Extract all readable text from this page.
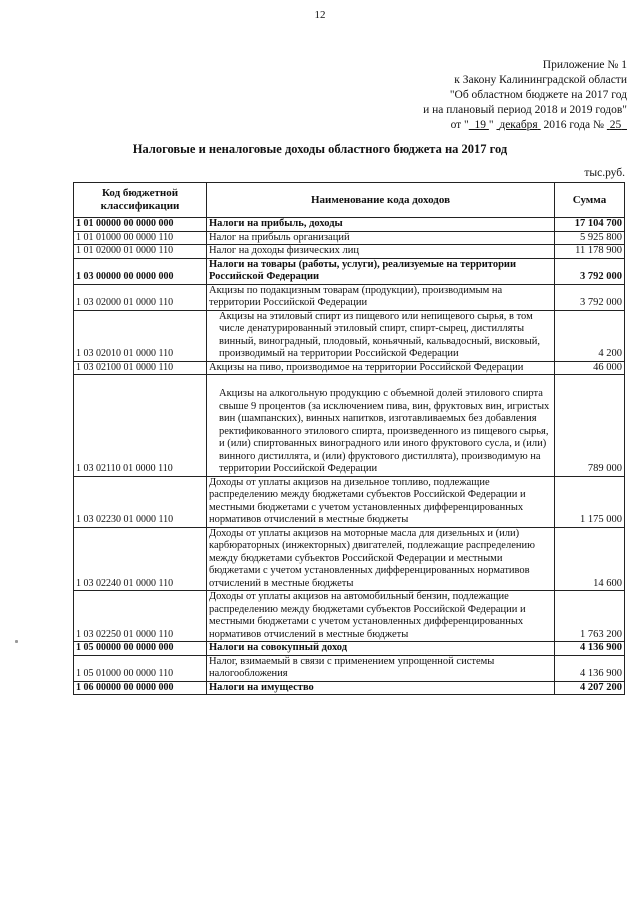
12
Приложение № 1
к Закону Калининградской области
"Об областном бюджете на 2017 год
и на плановый период 2018 и 2019 годов"
от " 19 " декабря 2016 года № 25
Налоговые и неналоговые доходы областного бюджета на 2017 год
тыс.руб.
Код бюджетной классификации	Наименование кода доходов	Сумма
1 01 00000 00 0000 000	Налоги на прибыль, доходы	17 104 700
1 01 01000 00 0000 110	Налог на прибыль организаций	5 925 800
1 01 02000 01 0000 110	Налог на доходы физических лиц	11 178 900
1 03 00000 00 0000 000	Налоги на товары (работы, услуги), реализуемые на территории Российской Федерации	3 792 000
1 03 02000 01 0000 110	Акцизы по подакцизным товарам (продукции), производимым на территории Российской Федерации	3 792 000
1 03 02010 01 0000 110	Акцизы на этиловый спирт из пищевого или непищевого сырья, в том числе денатурированный этиловый спирт, спирт-сырец, дистилляты винный, виноградный, плодовый, коньячный, кальвадосный, висковый, производимый на территории Российской Федерации	4 200
1 03 02100 01 0000 110	Акцизы на пиво, производимое на территории Российской Федерации	46 000
1 03 02110 01 0000 110	Акцизы на алкогольную продукцию с объемной долей этилового спирта свыше 9 процентов (за исключением пива, вин, фруктовых вин, игристых вин (шампанских), винных напитков, изготавливаемых без добавления ректификованного этилового спирта, произведенного из пищевого сырья, и (или) спиртованных виноградного или иного фруктового сусла, и (или) винного дистиллята, и (или) фруктового дистиллята), производимую на территории Российской Федерации	789 000
1 03 02230 01 0000 110	Доходы от уплаты акцизов на дизельное топливо, подлежащие распределению между бюджетами субъектов Российской Федерации и местными бюджетами с учетом установленных дифференцированных нормативов отчислений в местные бюджеты	1 175 000
1 03 02240 01 0000 110	Доходы от уплаты акцизов на моторные масла для дизельных и (или) карбюраторных (инжекторных) двигателей, подлежащие распределению между бюджетами субъектов Российской Федерации и местными бюджетами с учетом установленных дифференцированных нормативов отчислений в местные бюджеты	14 600
1 03 02250 01 0000 110	Доходы от уплаты акцизов на автомобильный бензин, подлежащие распределению между бюджетами субъектов Российской Федерации и местными бюджетами с учетом установленных дифференцированных нормативов отчислений в местные бюджеты	1 763 200
1 05 00000 00 0000 000	Налоги на совокупный доход	4 136 900
1 05 01000 00 0000 110	Налог, взимаемый в связи с применением упрощенной системы налогообложения	4 136 900
1 06 00000 00 0000 000	Налоги на имущество	4 207 200
